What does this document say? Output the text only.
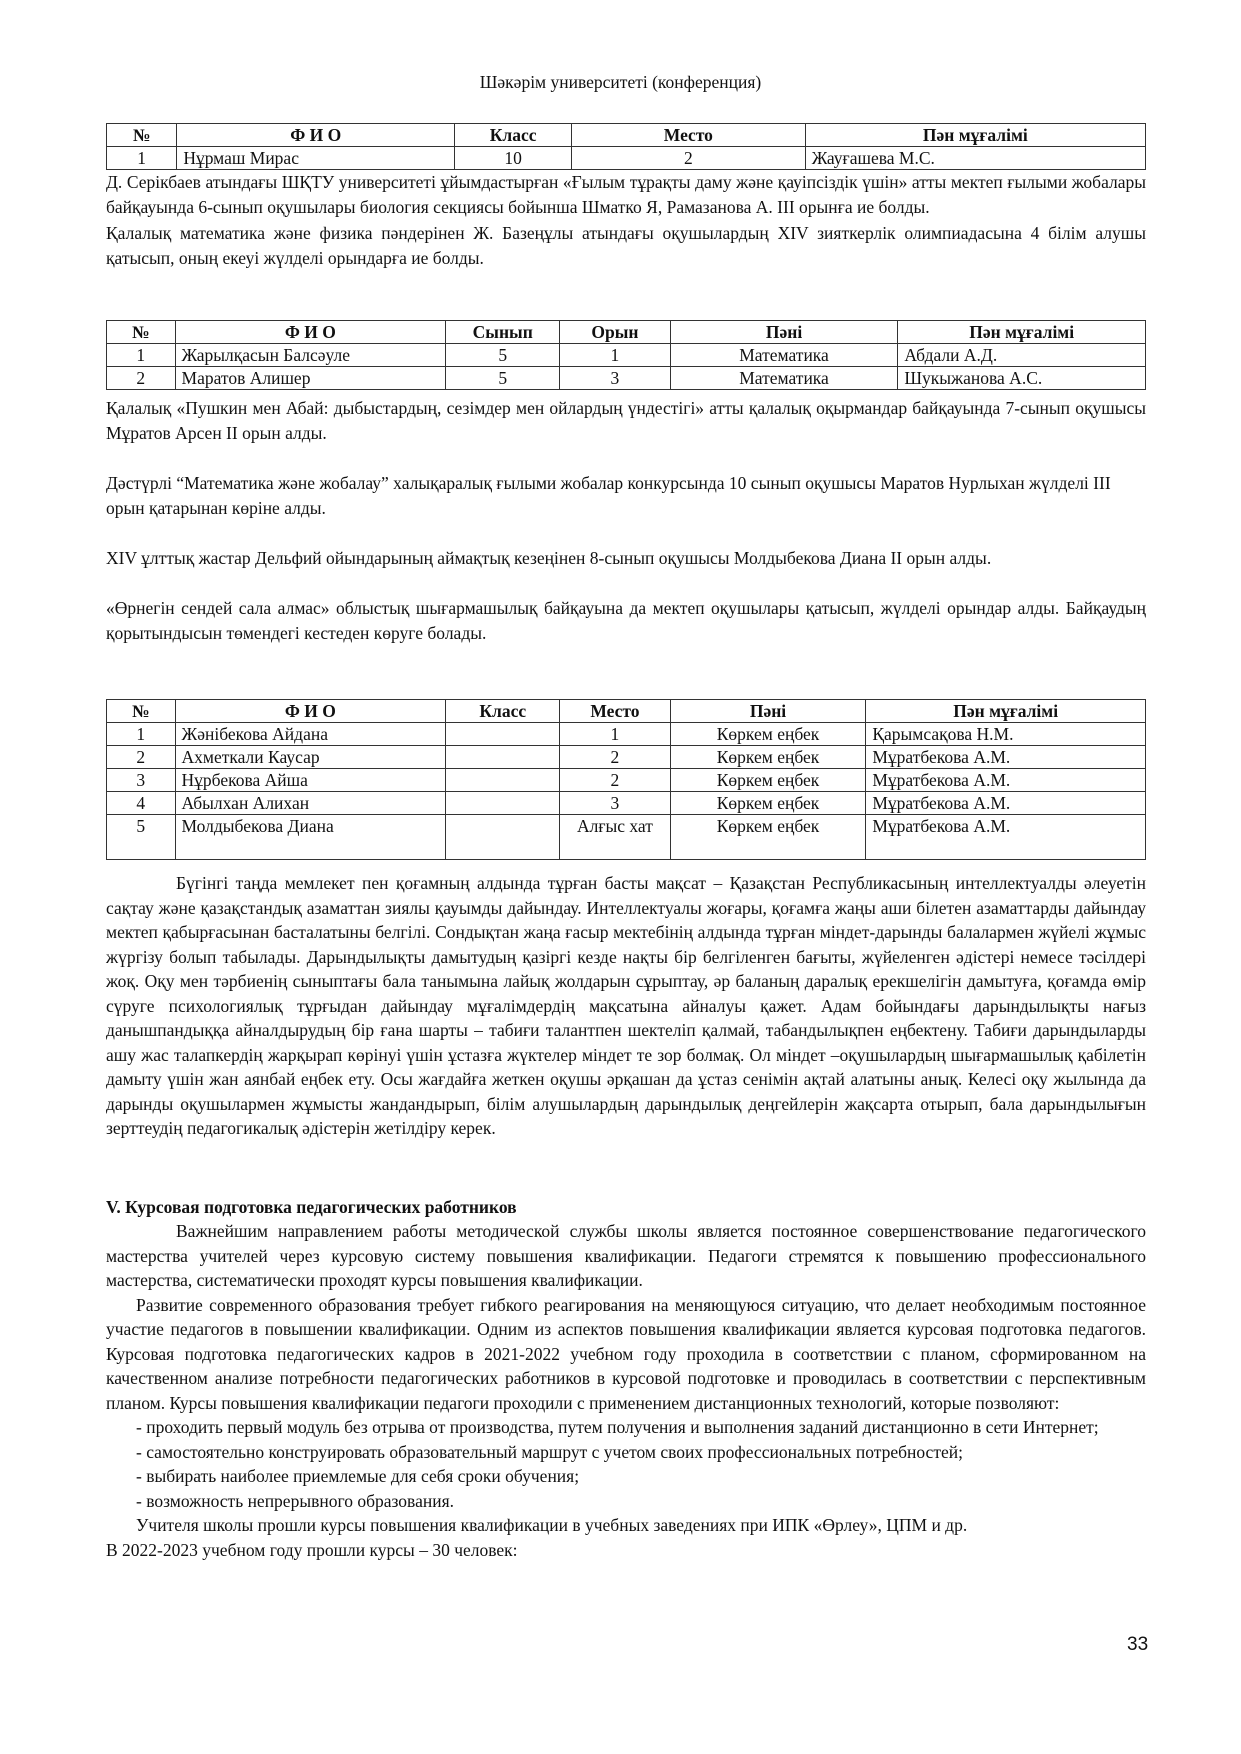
Шәкәрім университеті (конференция)
№	Ф И О	Класс	Место	Пән мұғалімі
1	Нұрмаш Мирас	10	2	Жауғашева М.С.

Д. Серікбаев атындағы ШҚТУ университеті ұйымдастырған «Ғылым тұрақты даму және қауіпсіздік үшін» атты мектеп ғылыми жобалары байқауында 6-сынып оқушылары биология секциясы бойынша Шматко Я, Рамазанова А. ІІІ орынға ие болды.

Қалалық математика және физика пәндерінен Ж. Базеңұлы атындағы оқушылардың ХІV зияткерлік олимпиадасына 4 білім алушы қатысып, оның екеуі жүлделі орындарға ие болды.

№	Ф И О	Сынып	Орын	Пәні	Пән мұғалімі
1	Жарылқасын Балсәуле	5	1	Математика	Абдали А.Д.
2	Маратов Алишер	5	3	Математика	Шукыжанова А.С.

Қалалық «Пушкин мен Абай: дыбыстардың, сезімдер мен ойлардың үндестігі» атты қалалық оқырмандар байқауында 7-сынып оқушысы Мұратов Арсен ІІ орын алды.

Дәстүрлі “Математика және жобалау” халықаралық ғылыми жобалар конкурсында 10 сынып оқушысы Маратов Нурлыхан жүлделі ІІІ орын қатарынан көріне алды.

ХІV ұлттық жастар Дельфий ойындарының аймақтық кезеңінен 8-сынып оқушысы Молдыбекова Диана ІІ орын алды.

«Өрнегін сендей сала алмас» облыстық шығармашылық байқауына да мектеп оқушылары қатысып, жүлделі орындар алды. Байқаудың қорытындысын төмендегі кестеден көруге болады.

№	Ф И О	Класс	Место	Пәні	Пән мұғалімі
1	Жәнібекова Айдана		1	Көркем еңбек	Қарымсақова Н.М.
2	Ахметкали Каусар		2	Көркем еңбек	Мұратбекова А.М.
3	Нұрбекова Айша		2	Көркем еңбек	Мұратбекова А.М.
4	Абылхан Алихан		3	Көркем еңбек	Мұратбекова А.М.
5	Молдыбекова Диана		Алғыс хат	Көркем еңбек	Мұратбекова А.М.

Бүгінгі таңда мемлекет пен қоғамның алдында тұрған басты мақсат – Қазақстан Республикасының интеллектуалды әлеуетін сақтау және қазақстандық азаматтан зиялы қауымды дайындау. Интеллектуалы жоғары, қоғамға жаңы аши білетен азаматтарды дайындау мектеп қабырғасынан басталатыны белгілі. Сондықтан жаңа ғасыр мектебінің алдында тұрған міндет-дарынды балалармен жүйелі жұмыс жүргізу болып табылады. Дарындылықты дамытудың қазіргі кезде нақты бір белгіленген бағыты, жүйеленген әдістері немесе тәсілдері жоқ. Оқу мен тәрбиенің сыныптағы бала танымына лайық жолдарын сұрыптау, әр баланың даралық ерекшелігін дамытуға, қоғамда өмір сүруге психологиялық тұрғыдан дайындау мұғалімдердің мақсатына айналуы қажет. Адам бойындағы дарындылықты нағыз данышпандыққа айналдырудың бір ғана шарты – табиғи талантпен шектеліп қалмай, табандылықпен еңбектену. Табиғи дарындыларды ашу жас талапкердің жарқырап көрінуі үшін ұстазға жүктелер міндет те зор болмақ. Ол міндет –оқушылардың шығармашылық қабілетін дамыту үшін жан аянбай еңбек ету. Осы жағдайға жеткен оқушы әрқашан да ұстаз сенімін ақтай алатыны анық. Келесі оқу жылында да дарынды оқушылармен жұмысты жандандырып, білім алушылардың дарындылық деңгейлерін жақсарта отырып, бала дарындылығын зерттеудің педагогикалық әдістерін жетілдіру керек.

V. Курсовая подготовка педагогических работников

Важнейшим направлением работы методической службы школы является постоянное совершенствование педагогического мастерства учителей через курсовую систему повышения квалификации. Педагоги стремятся к повышению профессионального мастерства, систематически проходят курсы повышения квалификации.

Развитие современного образования требует гибкого реагирования на меняющуюся ситуацию, что делает необходимым постоянное участие педагогов в повышении квалификации. Одним из аспектов повышения квалификации является курсовая подготовка педагогов. Курсовая подготовка педагогических кадров в 2021-2022 учебном году проходила в соответствии с планом, сформированном на качественном анализе потребности педагогических работников в курсовой подготовке и проводилась в соответствии с перспективным планом. Курсы повышения квалификации педагоги проходили с применением дистанционных технологий, которые позволяют:

- проходить первый модуль без отрыва от производства, путем получения и выполнения заданий дистанционно в сети Интернет;

- самостоятельно конструировать образовательный маршрут с учетом своих профессиональных потребностей;

- выбирать наиболее приемлемые для себя сроки обучения;

- возможность непрерывного образования.

Учителя школы прошли курсы повышения квалификации в учебных заведениях при ИПК «Өрлеу», ЦПМ и др.

В 2022-2023 учебном году прошли курсы – 30 человек:

33
